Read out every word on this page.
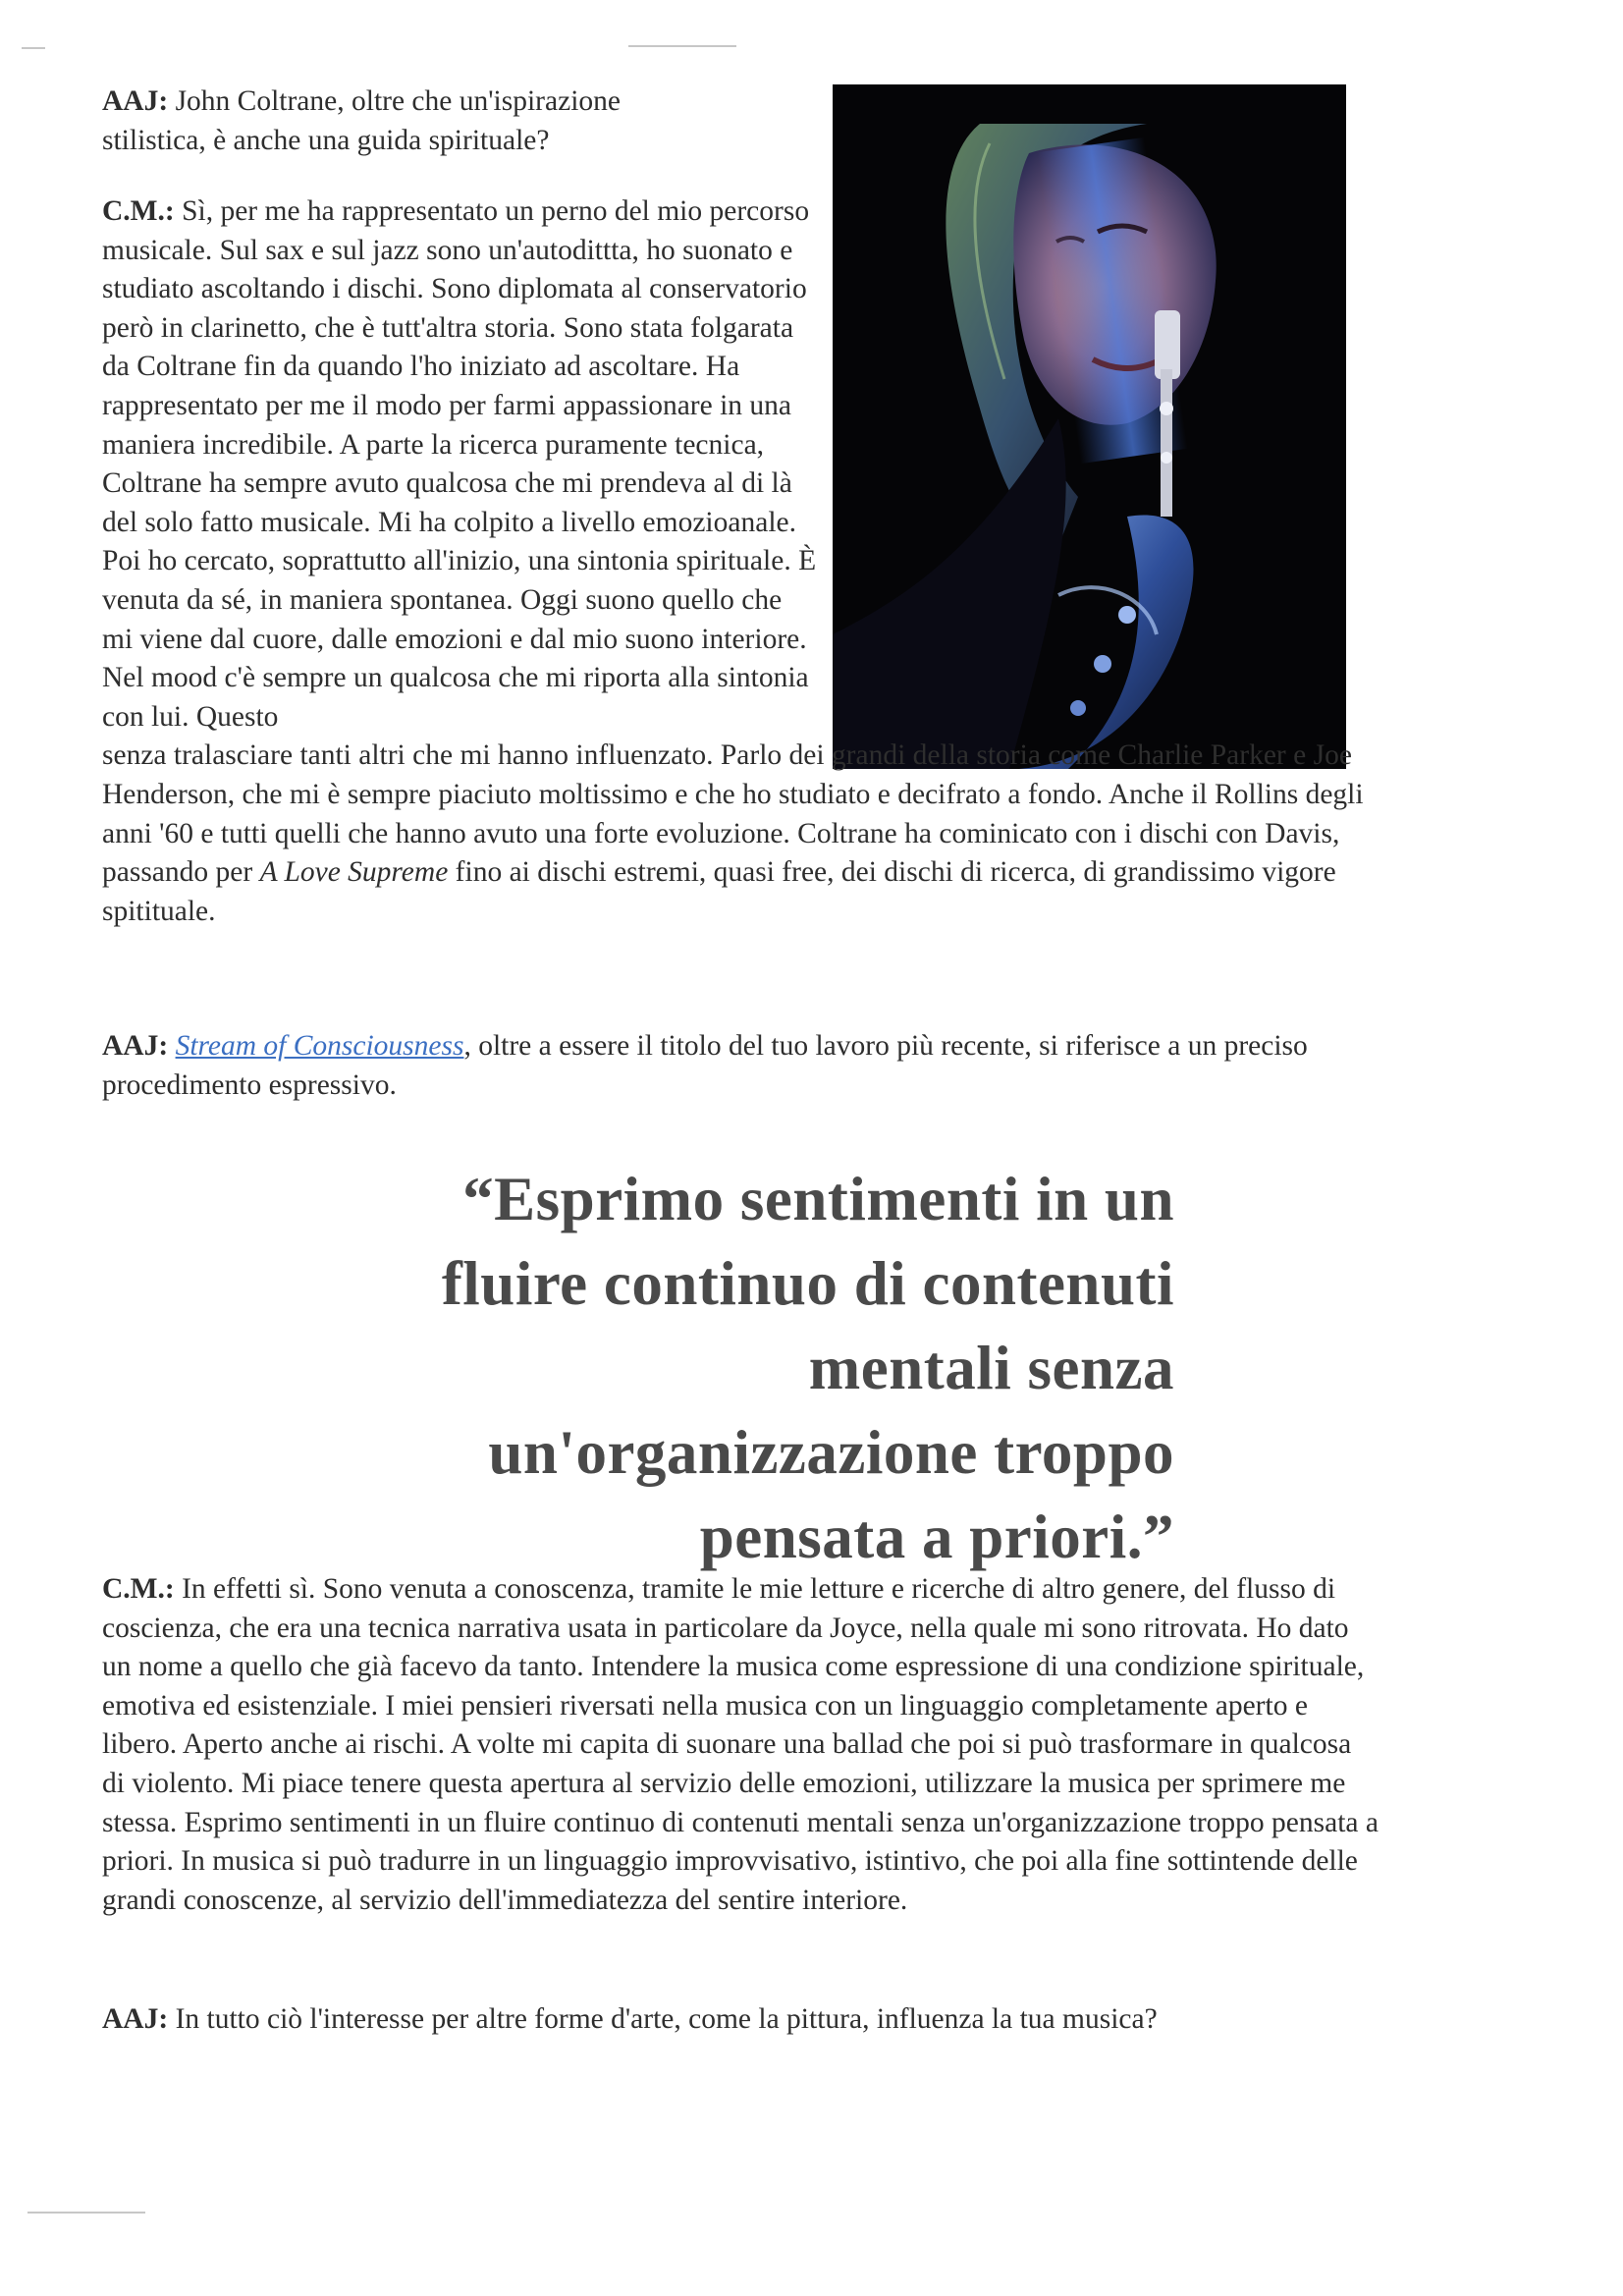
AAJ: John Coltrane, oltre che un'ispirazione stilistica, è anche una guida spirituale?

C.M.: Sì, per me ha rappresentato un perno del mio percorso musicale. Sul sax e sul jazz sono un'autodittta, ho suonato e studiato ascoltando i dischi. Sono diplomata al conservatorio però in clarinetto, che è tutt'altra storia. Sono stata folgarata da Coltrane fin da quando l'ho iniziato ad ascoltare. Ha rappresentato per me il modo per farmi appassionare in una maniera incredibile. A parte la ricerca puramente tecnica, Coltrane ha sempre avuto qualcosa che mi prendeva al di là del solo fatto musicale. Mi ha colpito a livello emozioanale. Poi ho cercato, soprattutto all'inizio, una sintonia spirituale. È venuta da sé, in maniera spontanea. Oggi suono quello che mi viene dal cuore, dalle emozioni e dal mio suono interiore. Nel mood c'è sempre un qualcosa che mi riporta alla sintonia con lui. Questo
senza tralasciare tanti altri che mi hanno influenzato. Parlo dei grandi della storia come Charlie Parker e Joe Henderson, che mi è sempre piaciuto moltissimo e che ho studiato e decifrato a fondo. Anche il Rollins degli anni '60 e tutti quelli che hanno avuto una forte evoluzione. Coltrane ha cominicato con i dischi con Davis, passando per A Love Supreme fino ai dischi estremi, quasi free, dei dischi di ricerca, di grandissimo vigore spitituale.

AAJ: Stream of Consciousness, oltre a essere il titolo del tuo lavoro più recente, si riferisce a un preciso procedimento espressivo.

“Esprimo sentimenti in un
fluire continuo di contenuti
mentali senza
un'organizzazione troppo
pensata a priori.”

C.M.: In effetti sì. Sono venuta a conoscenza, tramite le mie letture e ricerche di altro genere, del flusso di coscienza, che era una tecnica narrativa usata in particolare da Joyce, nella quale mi sono ritrovata. Ho dato un nome a quello che già facevo da tanto. Intendere la musica come espressione di una condizione spirituale, emotiva ed esistenziale. I miei pensieri riversati nella musica con un linguaggio completamente aperto e libero. Aperto anche ai rischi. A volte mi capita di suonare una ballad che poi si può trasformare in qualcosa di violento. Mi piace tenere questa apertura al servizio delle emozioni, utilizzare la musica per sprimere me stessa. Esprimo sentimenti in un fluire continuo di contenuti mentali senza un'organizzazione troppo pensata a priori. In musica si può tradurre in un linguaggio improvvisativo, istintivo, che poi alla fine sottintende delle grandi conoscenze, al servizio dell'immediatezza del sentire interiore.

AAJ: In tutto ciò l'interesse per altre forme d'arte, come la pittura, influenza la tua musica?
